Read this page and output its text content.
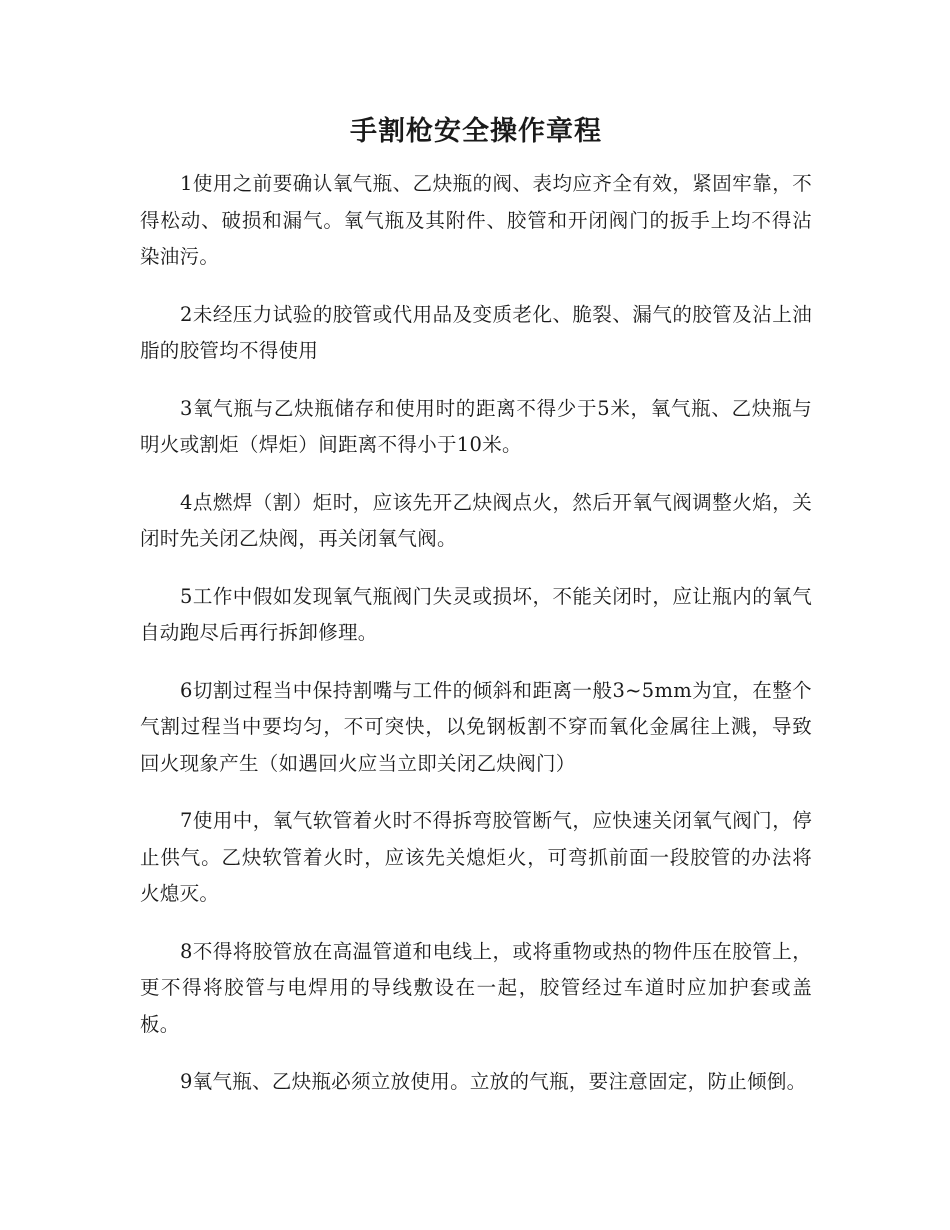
手割枪安全操作章程

1使用之前要确认氧气瓶、乙炔瓶的阀、表均应齐全有效，紧固牢靠，不得松动、破损和漏气。氧气瓶及其附件、胶管和开闭阀门的扳手上均不得沾染油污。

2未经压力试验的胶管或代用品及变质老化、脆裂、漏气的胶管及沾上油脂的胶管均不得使用

3氧气瓶与乙炔瓶储存和使用时的距离不得少于5米，氧气瓶、乙炔瓶与明火或割炬（焊炬）间距离不得小于10米。

4点燃焊（割）炬时，应该先开乙炔阀点火，然后开氧气阀调整火焰，关闭时先关闭乙炔阀，再关闭氧气阀。

5工作中假如发现氧气瓶阀门失灵或损坏，不能关闭时，应让瓶内的氧气自动跑尽后再行拆卸修理。

6切割过程当中保持割嘴与工件的倾斜和距离一般3~5mm为宜，在整个气割过程当中要均匀，不可突快，以免钢板割不穿而氧化金属往上溅，导致回火现象产生（如遇回火应当立即关闭乙炔阀门）

7使用中，氧气软管着火时不得拆弯胶管断气，应快速关闭氧气阀门，停止供气。乙炔软管着火时，应该先关熄炬火，可弯抓前面一段胶管的办法将火熄灭。

8不得将胶管放在高温管道和电线上，或将重物或热的物件压在胶管上，更不得将胶管与电焊用的导线敷设在一起，胶管经过车道时应加护套或盖板。

9氧气瓶、乙炔瓶必须立放使用。立放的气瓶，要注意固定，防止倾倒。
